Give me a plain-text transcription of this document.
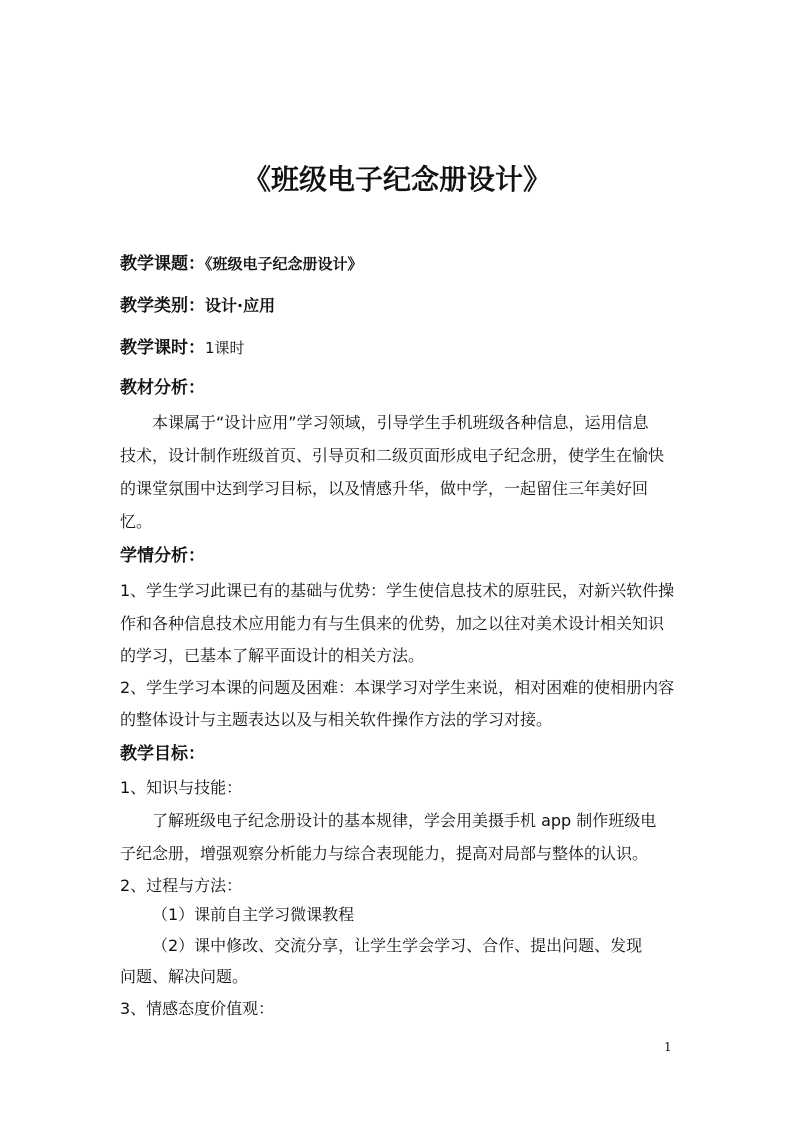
《班级电子纪念册设计》
教学课题：《班级电子纪念册设计》
教学类别：设计·应用
教学课时：1课时
教材分析：
本课属于“设计应用”学习领域，引导学生手机班级各种信息，运用信息
技术，设计制作班级首页、引导页和二级页面形成电子纪念册，使学生在愉快
的课堂氛围中达到学习目标，以及情感升华，做中学，一起留住三年美好回
忆。
学情分析：
1、学生学习此课已有的基础与优势：学生使信息技术的原驻民，对新兴软件操
作和各种信息技术应用能力有与生俱来的优势，加之以往对美术设计相关知识
的学习，已基本了解平面设计的相关方法。
2、学生学习本课的问题及困难：本课学习对学生来说，相对困难的使相册内容
的整体设计与主题表达以及与相关软件操作方法的学习对接。
教学目标：
1、知识与技能：
了解班级电子纪念册设计的基本规律，学会用美摄手机 app 制作班级电
子纪念册，增强观察分析能力与综合表现能力，提高对局部与整体的认识。
2、过程与方法：
（1）课前自主学习微课教程
（2）课中修改、交流分享，让学生学会学习、合作、提出问题、发现
问题、解决问题。
3、情感态度价值观：
1
